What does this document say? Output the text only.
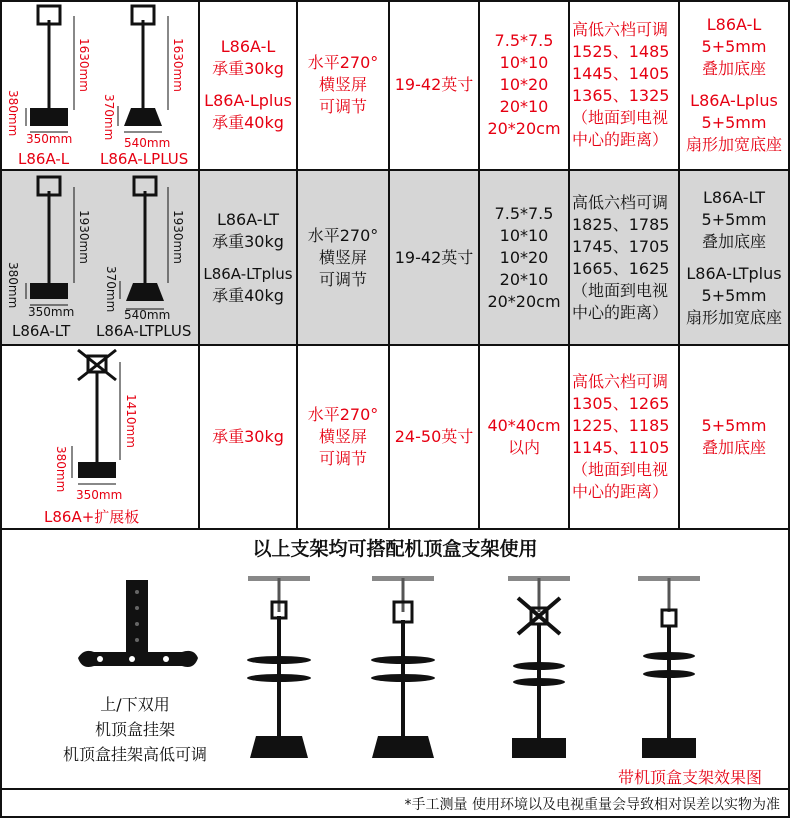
1630mm
380mm
350mm
1630mm
370mm
540mm
L86A-L L86A-LPLUS
L86A-L
承重30kg
L86A-Lplus
承重40kg
水平270°
横竖屏
可调节
19-42英寸
7.5*7.5
10*10
10*20
20*10
20*20cm
高低六档可调
1525、1485
1445、1405
1365、1325
（地面到电视
中心的距离）
L86A-L
5+5mm
叠加底座
L86A-Lplus
5+5mm
扇形加宽底座
1930mm
380mm
350mm
1930mm
370mm
540mm
L86A-LT L86A-LTPLUS
L86A-LT
承重30kg
L86A-LTplus
承重40kg
水平270°
横竖屏
可调节
19-42英寸
7.5*7.5
10*10
10*20
20*10
20*20cm
高低六档可调
1825、1785
1745、1705
1665、1625
（地面到电视
中心的距离）
L86A-LT
5+5mm
叠加底座
L86A-LTplus
5+5mm
扇形加宽底座
1410mm
380mm
350mm
L86A+扩展板
承重30kg
水平270°
横竖屏
可调节
24-50英寸
40*40cm
以内
高低六档可调
1305、1265
1225、1185
1145、1105
（地面到电视
中心的距离）
5+5mm
叠加底座
以上支架均可搭配机顶盒支架使用
上/下双用
机顶盒挂架
机顶盒挂架高低可调
带机顶盒支架效果图
*手工测量 使用环境以及电视重量会导致相对误差以实物为准
